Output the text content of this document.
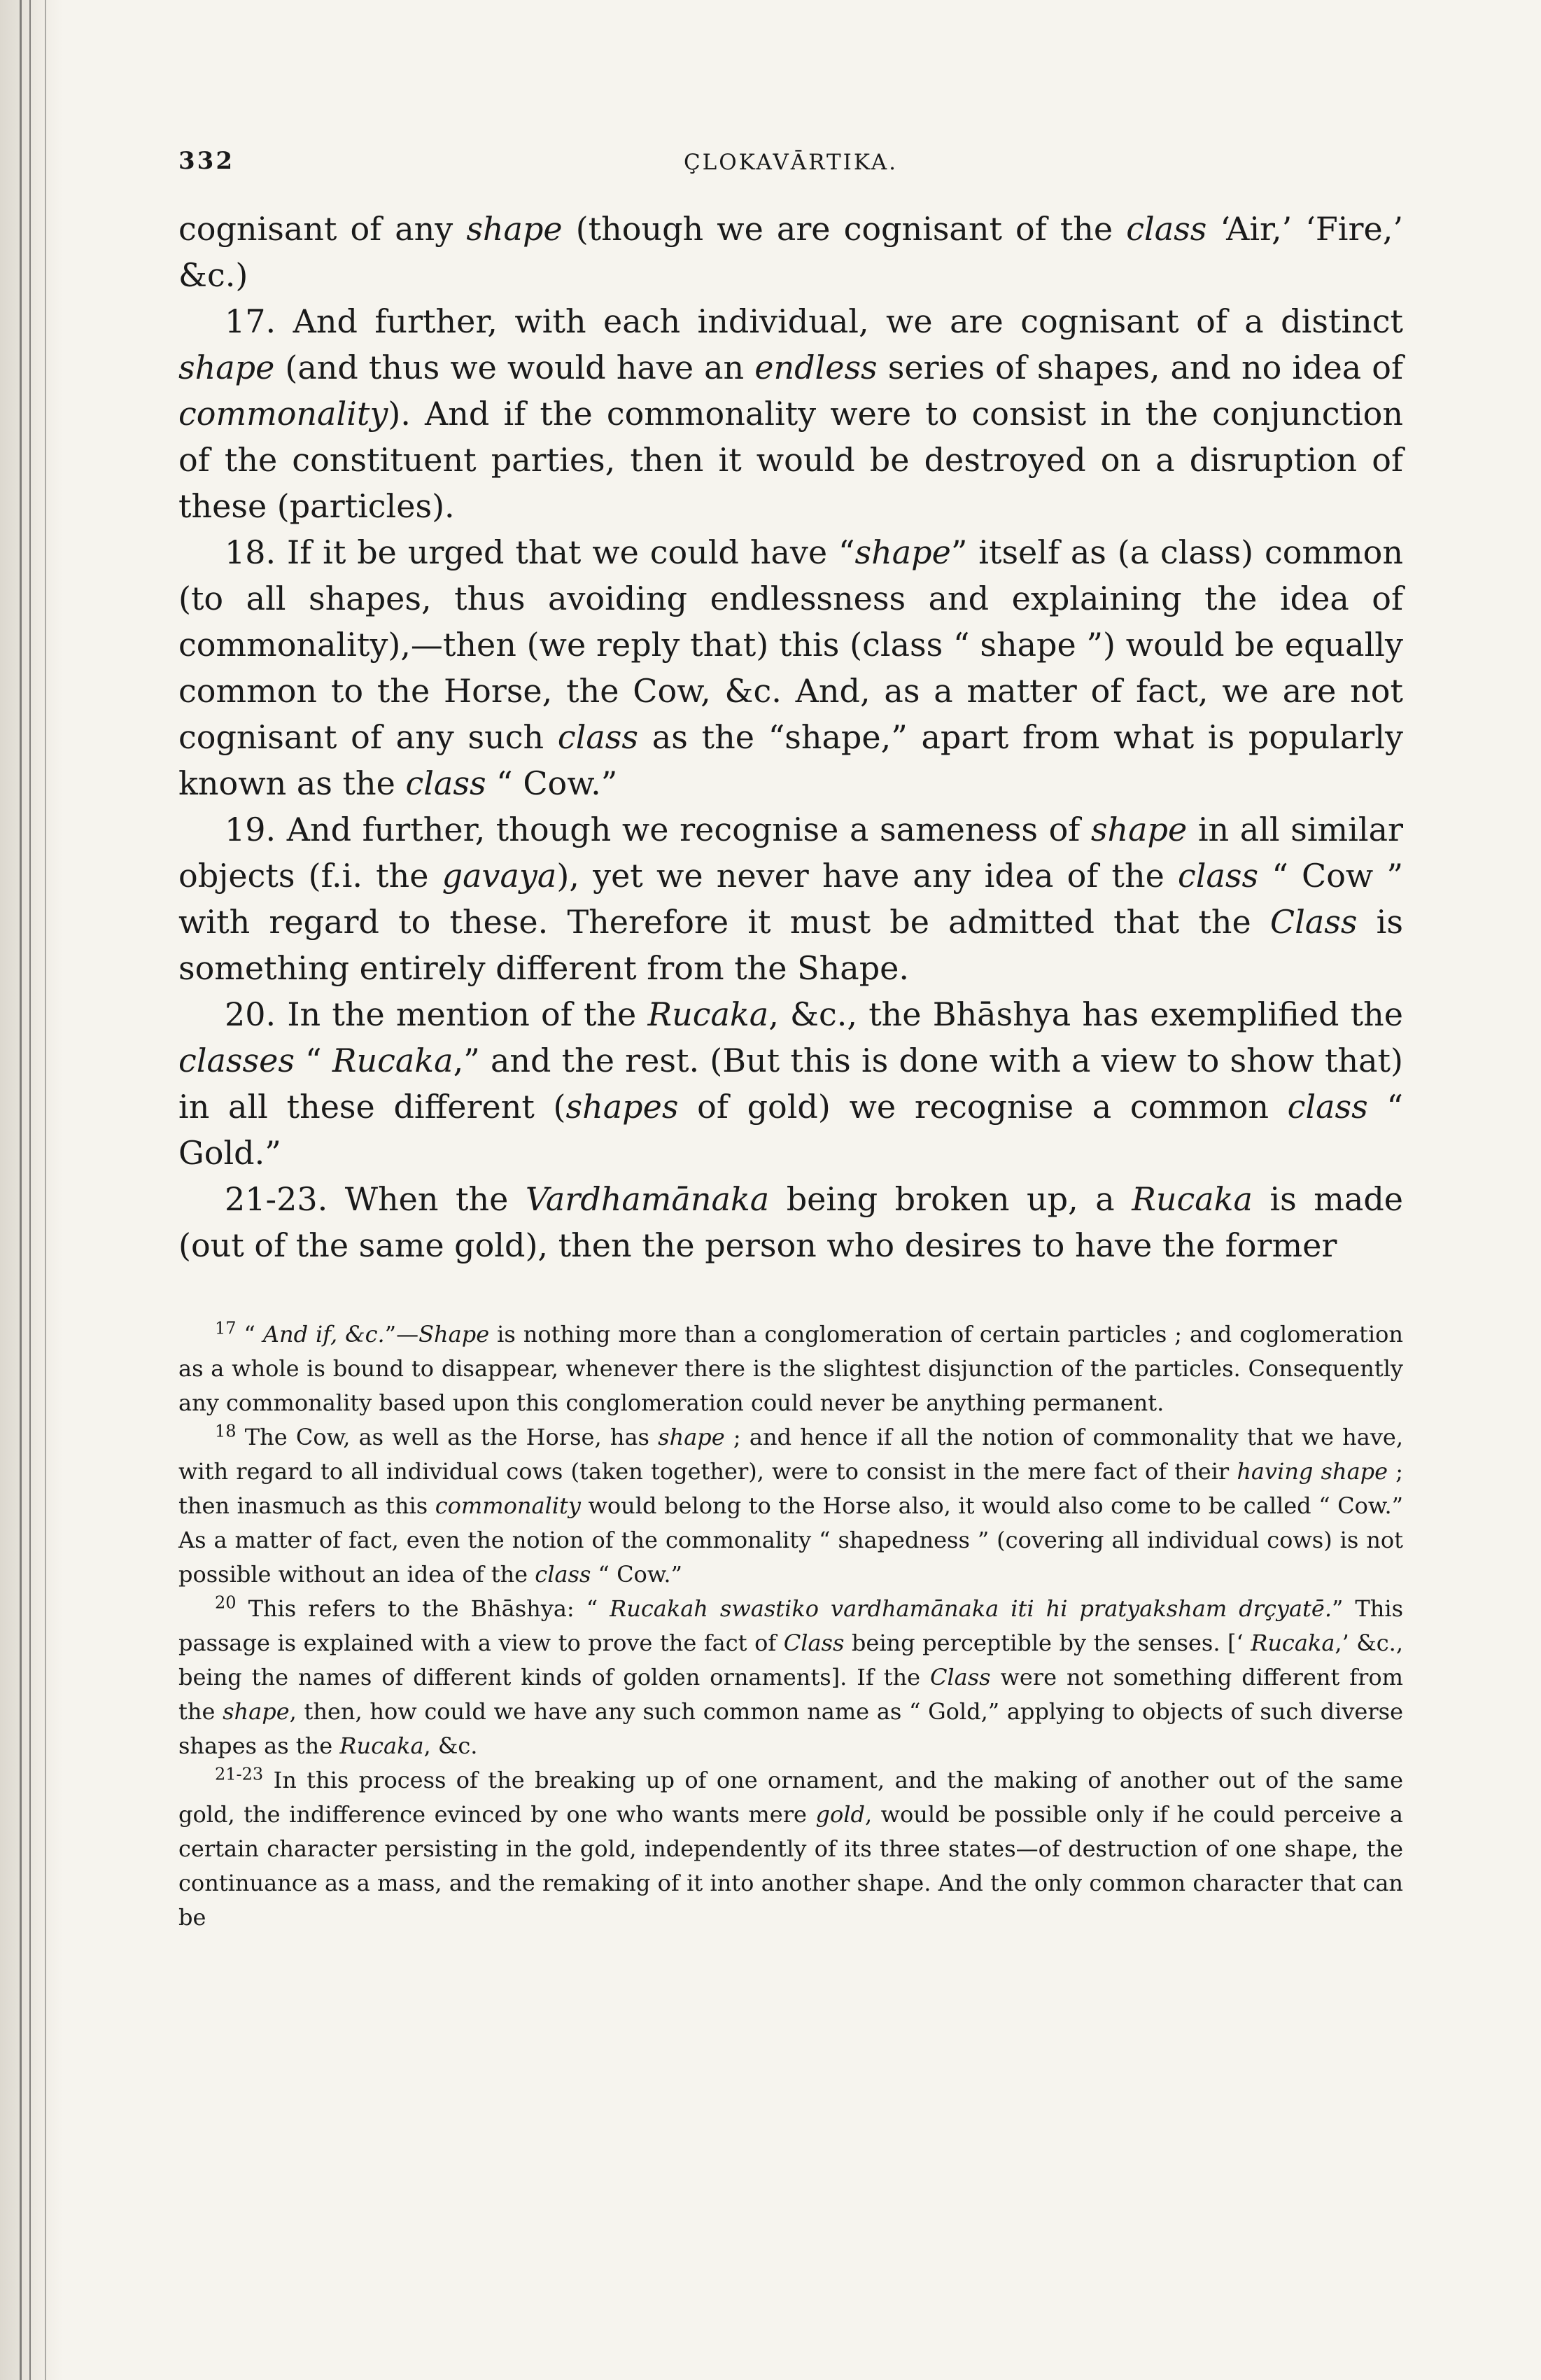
332	ÇLOKAVĀRTIKA.

cognisant of any shape (though we are cognisant of the class ‘Air,’ ‘Fire,’ &c.)

17. And further, with each individual, we are cognisant of a distinct shape (and thus we would have an endless series of shapes, and no idea of commonality). And if the commonality were to consist in the conjunction of the constituent parties, then it would be destroyed on a disruption of these (particles).

18. If it be urged that we could have “shape” itself as (a class) common (to all shapes, thus avoiding endlessness and explaining the idea of commonality),—then (we reply that) this (class “ shape ”) would be equally common to the Horse, the Cow, &c. And, as a matter of fact, we are not cognisant of any such class as the “shape,” apart from what is popularly known as the class “ Cow.”

19. And further, though we recognise a sameness of shape in all similar objects (f.i. the gavaya), yet we never have any idea of the class “ Cow ” with regard to these. Therefore it must be admitted that the Class is something entirely different from the Shape.

20. In the mention of the Rucaka, &c., the Bhāshya has exemplified the classes “ Rucaka,” and the rest. (But this is done with a view to show that) in all these different (shapes of gold) we recognise a common class “ Gold.”

21-23. When the Vardhamānaka being broken up, a Rucaka is made (out of the same gold), then the person who desires to have the former

$^{17}$ “ And if, &c.”—Shape is nothing more than a conglomeration of certain particles ; and coglomeration as a whole is bound to disappear, whenever there is the slightest disjunction of the particles. Consequently any commonality based upon this conglomeration could never be anything permanent.

$^{18}$ The Cow, as well as the Horse, has shape ; and hence if all the notion of commonality that we have, with regard to all individual cows (taken together), were to consist in the mere fact of their having shape ; then inasmuch as this commonality would belong to the Horse also, it would also come to be called “ Cow.” As a matter of fact, even the notion of the commonality “ shapedness ” (covering all individual cows) is not possible without an idea of the class “ Cow.”

$^{20}$ This refers to the Bhāshya: “ Rucakah swastiko vardhamānaka iti hi pratyaksham drçyatē.” This passage is explained with a view to prove the fact of Class being perceptible by the senses. [‘ Rucaka,’ &c., being the names of different kinds of golden ornaments]. If the Class were not something different from the shape, then, how could we have any such common name as “ Gold,” applying to objects of such diverse shapes as the Rucaka, &c.

$^{21-23}$ In this process of the breaking up of one ornament, and the making of another out of the same gold, the indifference evinced by one who wants mere gold, would be possible only if he could perceive a certain character persisting in the gold, independently of its three states—of destruction of one shape, the continuance as a mass, and the remaking of it into another shape. And the only common character that can be
